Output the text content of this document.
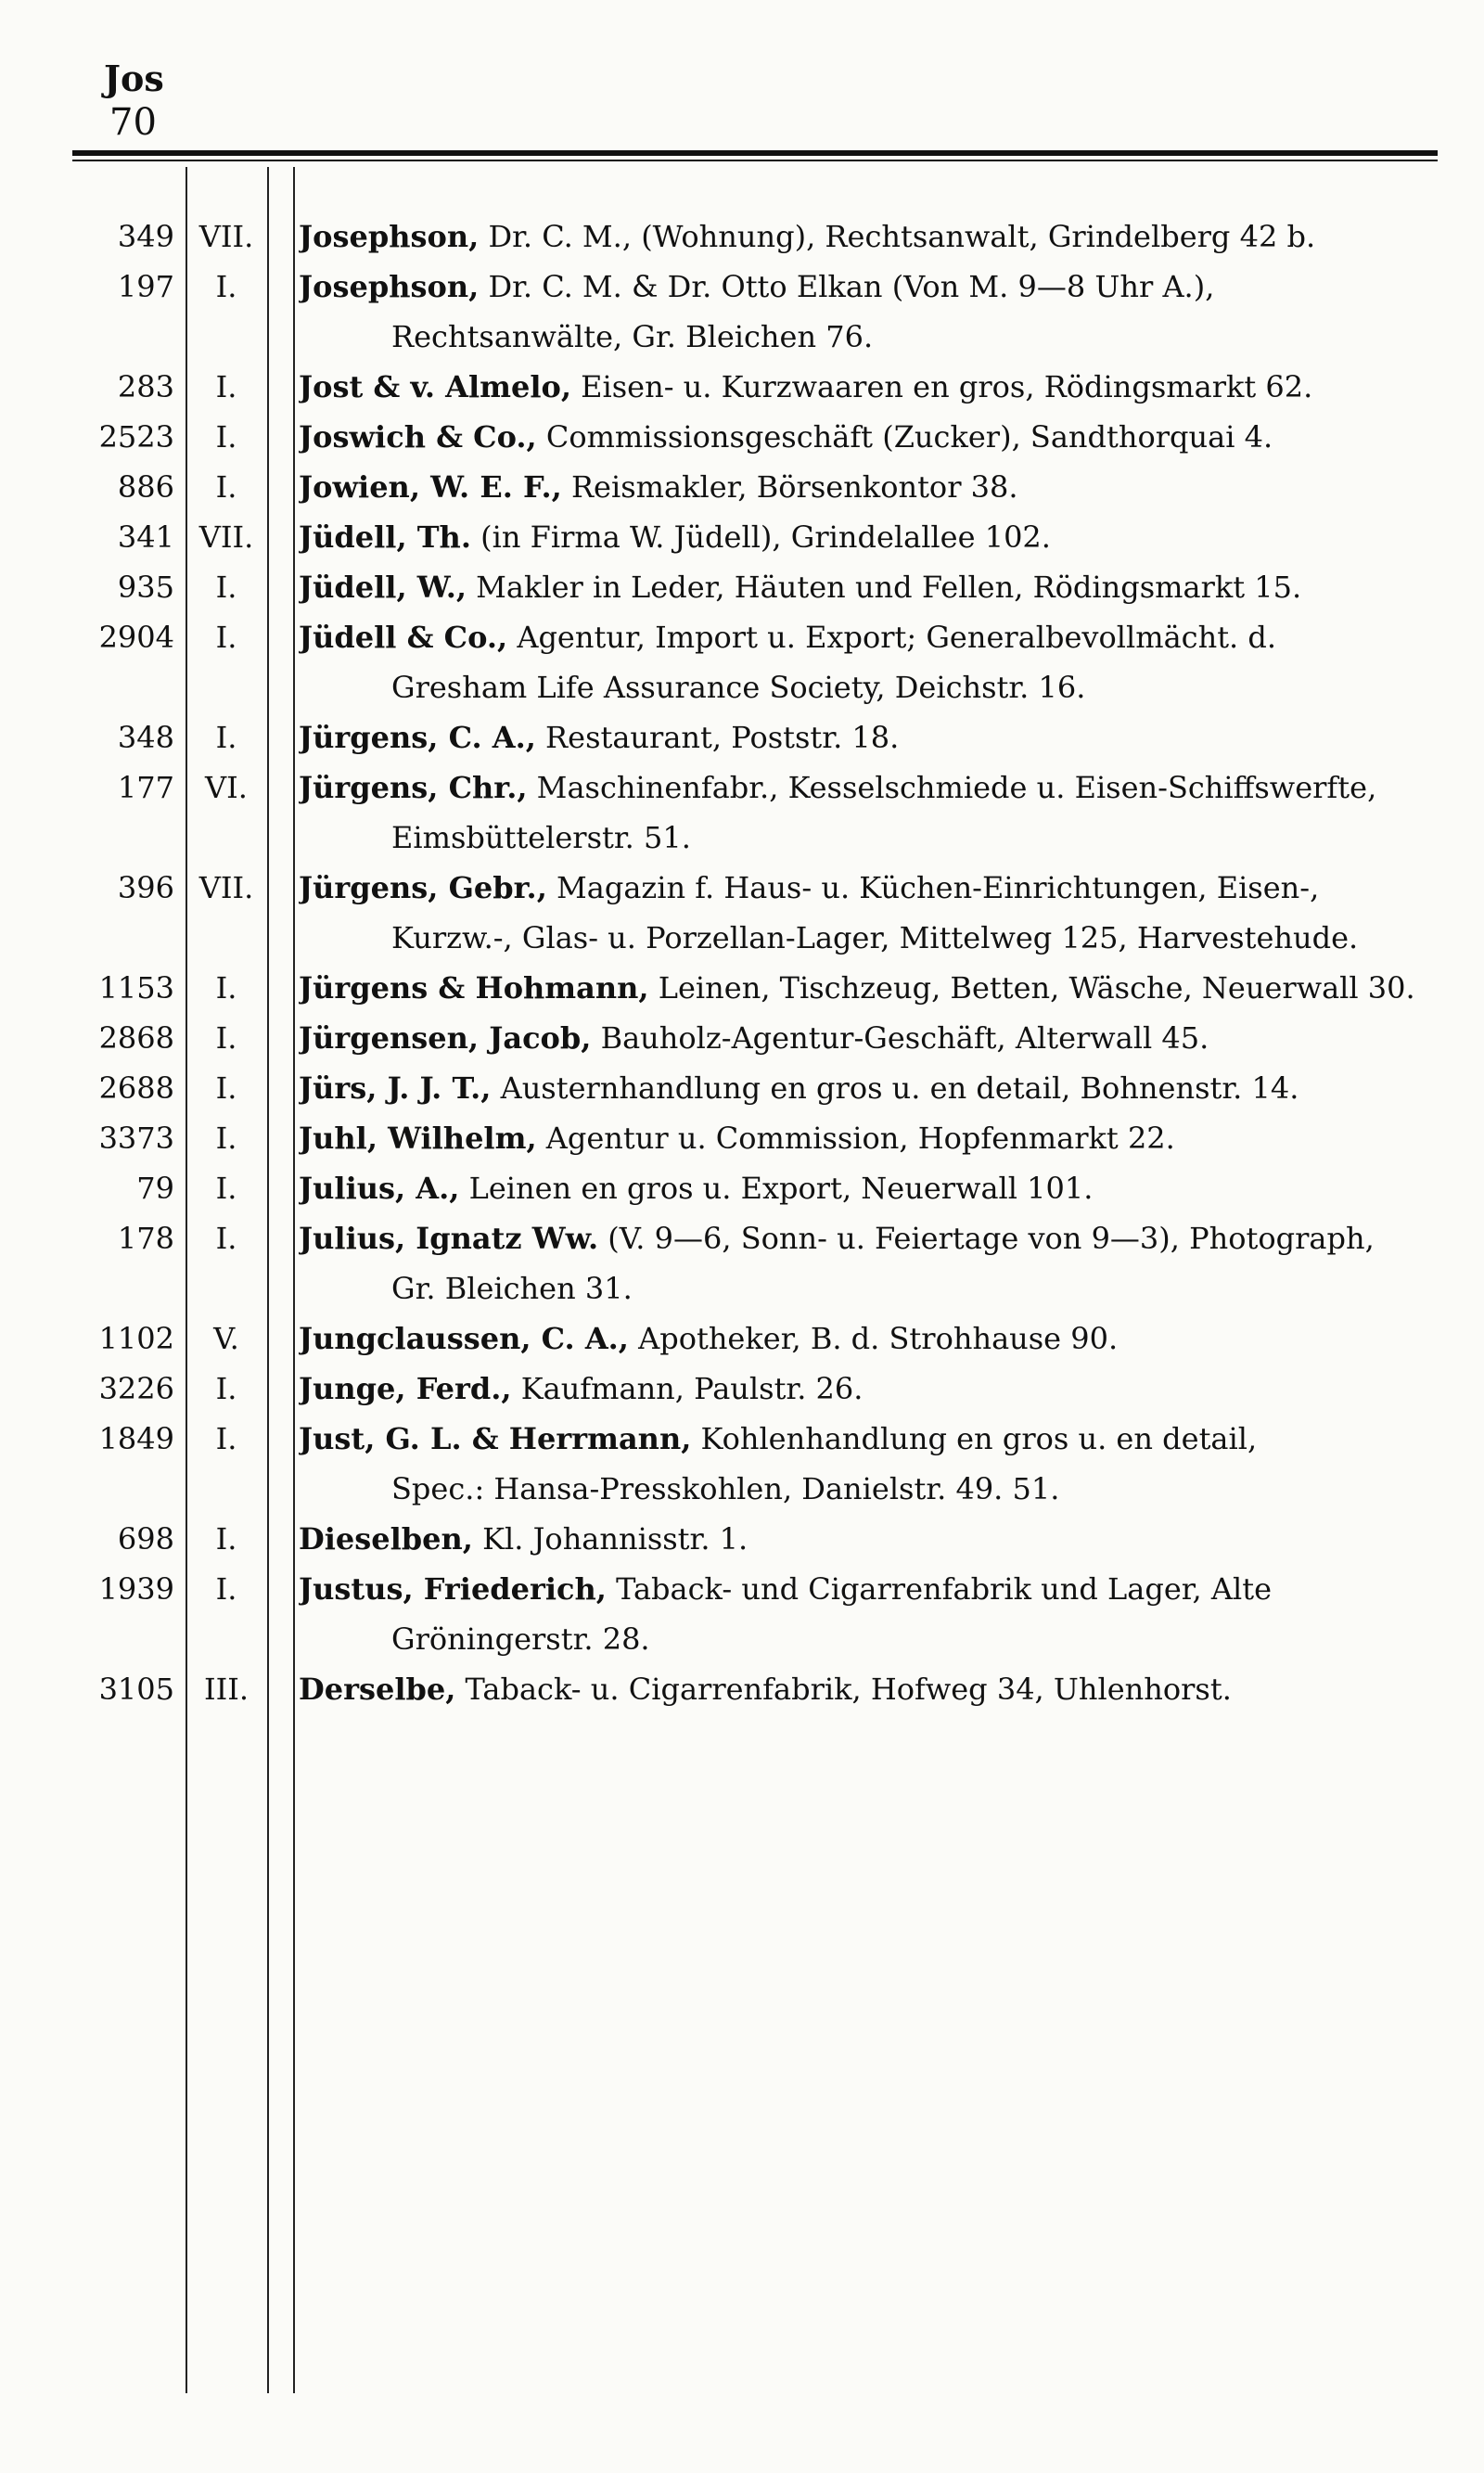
Jos
70
349 VII.	Josephson, Dr. C. M., (Wohnung), Rechtsanwalt, Grindelberg 42 b.
197	I.	Josephson, Dr. C. M. & Dr. Otto Elkan (Von M. 9—8 Uhr A.),
Rechtsanwälte, Gr. Bleichen 76.
283	I.	Jost & v. Almelo, Eisen- u. Kurzwaaren en gros, Rödingsmarkt 62.
2523	I.	Joswich & Co., Commissionsgeschäft (Zucker), Sandthorquai 4.
886	I.	Jowien, W. E. F., Reismakler, Börsenkontor 38.
341 VII.	Jüdell, Th. (in Firma W. Jüdell), Grindelallee 102.
935	I.	Jüdell, W., Makler in Leder, Häuten und Fellen, Rödingsmarkt 15.
2904	I.	Jüdell & Co., Agentur, Import u. Export; Generalbevollmächt. d.
Gresham Life Assurance Society, Deichstr. 16.
348	I.	Jürgens, C. A., Restaurant, Poststr. 18.
177	VI.	Jürgens, Chr., Maschinenfabr., Kesselschmiede u. Eisen-Schiffswerfte,
Eimsbüttelerstr. 51.
396 VII.	Jürgens, Gebr., Magazin f. Haus- u. Küchen-Einrichtungen, Eisen-,
Kurzw.-, Glas- u. Porzellan-Lager, Mittelweg 125, Harvestehude.
1153	I.	Jürgens & Hohmann, Leinen, Tischzeug, Betten, Wäsche, Neuerwall 30.
2868	I.	Jürgensen, Jacob, Bauholz-Agentur-Geschäft, Alterwall 45.
2688	I.	Jürs, J. J. T., Austernhandlung en gros u. en detail, Bohnenstr. 14.
3373	I.	Juhl, Wilhelm, Agentur u. Commission, Hopfenmarkt 22.
79	I.	Julius, A., Leinen en gros u. Export, Neuerwall 101.
178	I.	Julius, Ignatz Ww. (V. 9—6, Sonn- u. Feiertage von 9—3), Photograph,
Gr. Bleichen 31.
1102	V.	Jungclaussen, C. A., Apotheker, B. d. Strohhause 90.
3226	I.	Junge, Ferd., Kaufmann, Paulstr. 26.
1849	I.	Just, G. L. & Herrmann, Kohlenhandlung en gros u. en detail,
Spec.: Hansa-Presskohlen, Danielstr. 49. 51.
698	I.	Dieselben, Kl. Johannisstr. 1.
1939	I.	Justus, Friederich, Taback- und Cigarrenfabrik und Lager, Alte
Gröningerstr. 28.
3105 III.	Derselbe, Taback- u. Cigarrenfabrik, Hofweg 34, Uhlenhorst.
